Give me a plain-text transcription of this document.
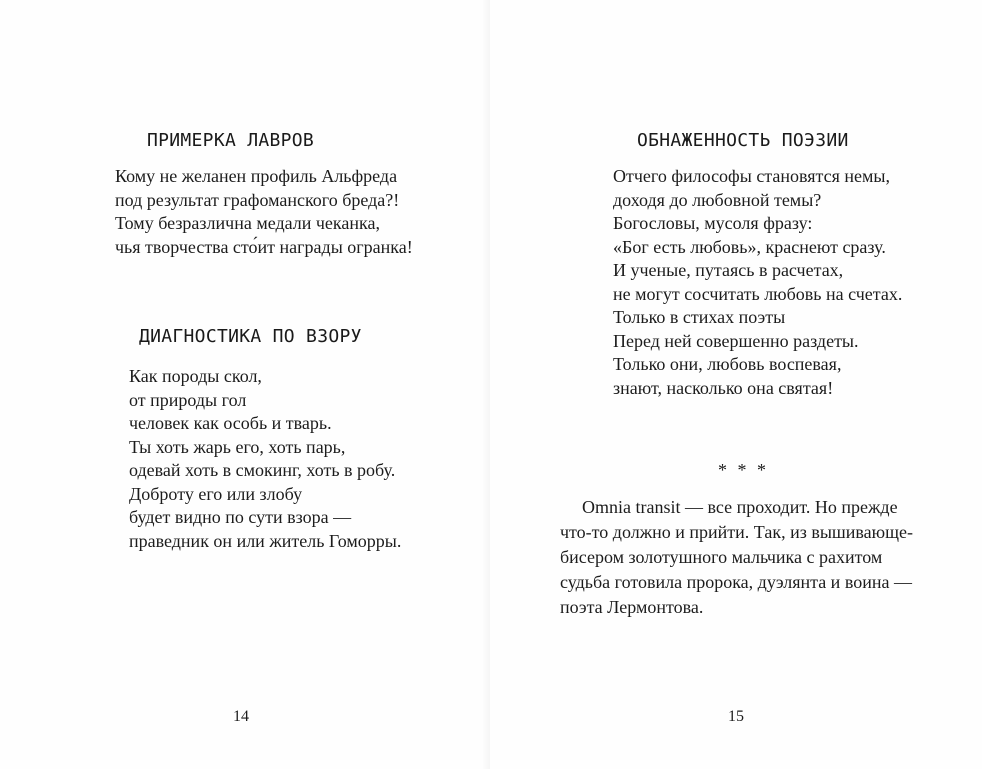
ПРИМЕРКА ЛАВРОВ
Кому не желанен профиль Альфреда
под результат графоманского бреда?!
Тому безразлична медали чеканка,
чья творчества сто́ит награды огранка!
ДИАГНОСТИКА ПО ВЗОРУ
Как породы скол,
от природы гол
человек как особь и тварь.
Ты хоть жарь его, хоть парь,
одевай хоть в смокинг, хоть в робу.
Доброту его или злобу
будет видно по сути взора —
праведник он или житель Гоморры.
14
ОБНАЖЕННОСТЬ ПОЭЗИИ
Отчего философы становятся немы,
доходя до любовной темы?
Богословы, мусоля фразу:
«Бог есть любовь», краснеют сразу.
И ученые, путаясь в расчетах,
не могут сосчитать любовь на счетах.
Только в стихах поэты
Перед ней совершенно раздеты.
Только они, любовь воспевая,
знают, насколько она святая!
* * *
Omnia transit — все проходит. Но прежде
что-то должно и прийти. Так, из вышивающе-
бисером золотушного мальчика с рахитом
судьба готовила пророка, дуэлянта и воина —
поэта Лермонтова.
15
